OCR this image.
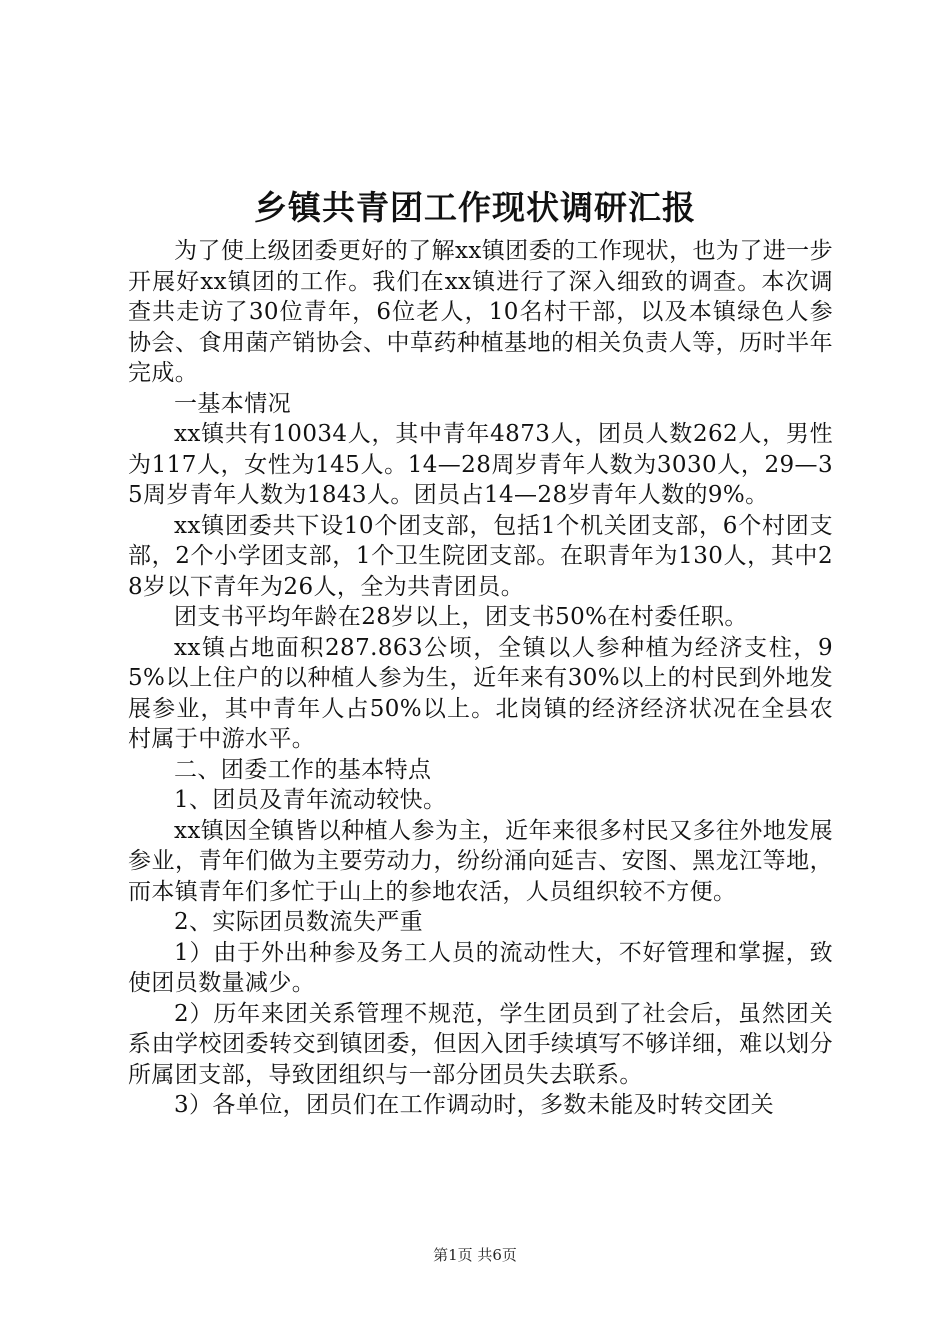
乡镇共青团工作现状调研汇报

为了使上级团委更好的了解xx镇团委的工作现状，也为了进一步开展好xx镇团的工作。我们在xx镇进行了深入细致的调查。本次调查共走访了30位青年，6位老人，10名村干部，以及本镇绿色人参协会、食用菌产销协会、中草药种植基地的相关负责人等，历时半年完成。

一基本情况

xx镇共有10034人，其中青年4873人，团员人数262人，男性为117人，女性为145人。14—28周岁青年人数为3030人，29—35周岁青年人数为1843人。团员占14—28岁青年人数的9%。

xx镇团委共下设10个团支部，包括1个机关团支部，6个村团支部，2个小学团支部，1个卫生院团支部。在职青年为130人，其中28岁以下青年为26人，全为共青团员。

团支书平均年龄在28岁以上，团支书50%在村委任职。

xx镇占地面积287.863公顷，全镇以人参种植为经济支柱，95%以上住户的以种植人参为生，近年来有30%以上的村民到外地发展参业，其中青年人占50%以上。北岗镇的经济经济状况在全县农村属于中游水平。

二、团委工作的基本特点

1、团员及青年流动较快。

xx镇因全镇皆以种植人参为主，近年来很多村民又多往外地发展参业，青年们做为主要劳动力，纷纷涌向延吉、安图、黑龙江等地，而本镇青年们多忙于山上的参地农活，人员组织较不方便。

2、实际团员数流失严重

1）由于外出种参及务工人员的流动性大，不好管理和掌握，致使团员数量减少。

2）历年来团关系管理不规范，学生团员到了社会后，虽然团关系由学校团委转交到镇团委，但因入团手续填写不够详细，难以划分所属团支部，导致团组织与一部分团员失去联系。

3）各单位，团员们在工作调动时，多数未能及时转交团关

第1页 共6页
